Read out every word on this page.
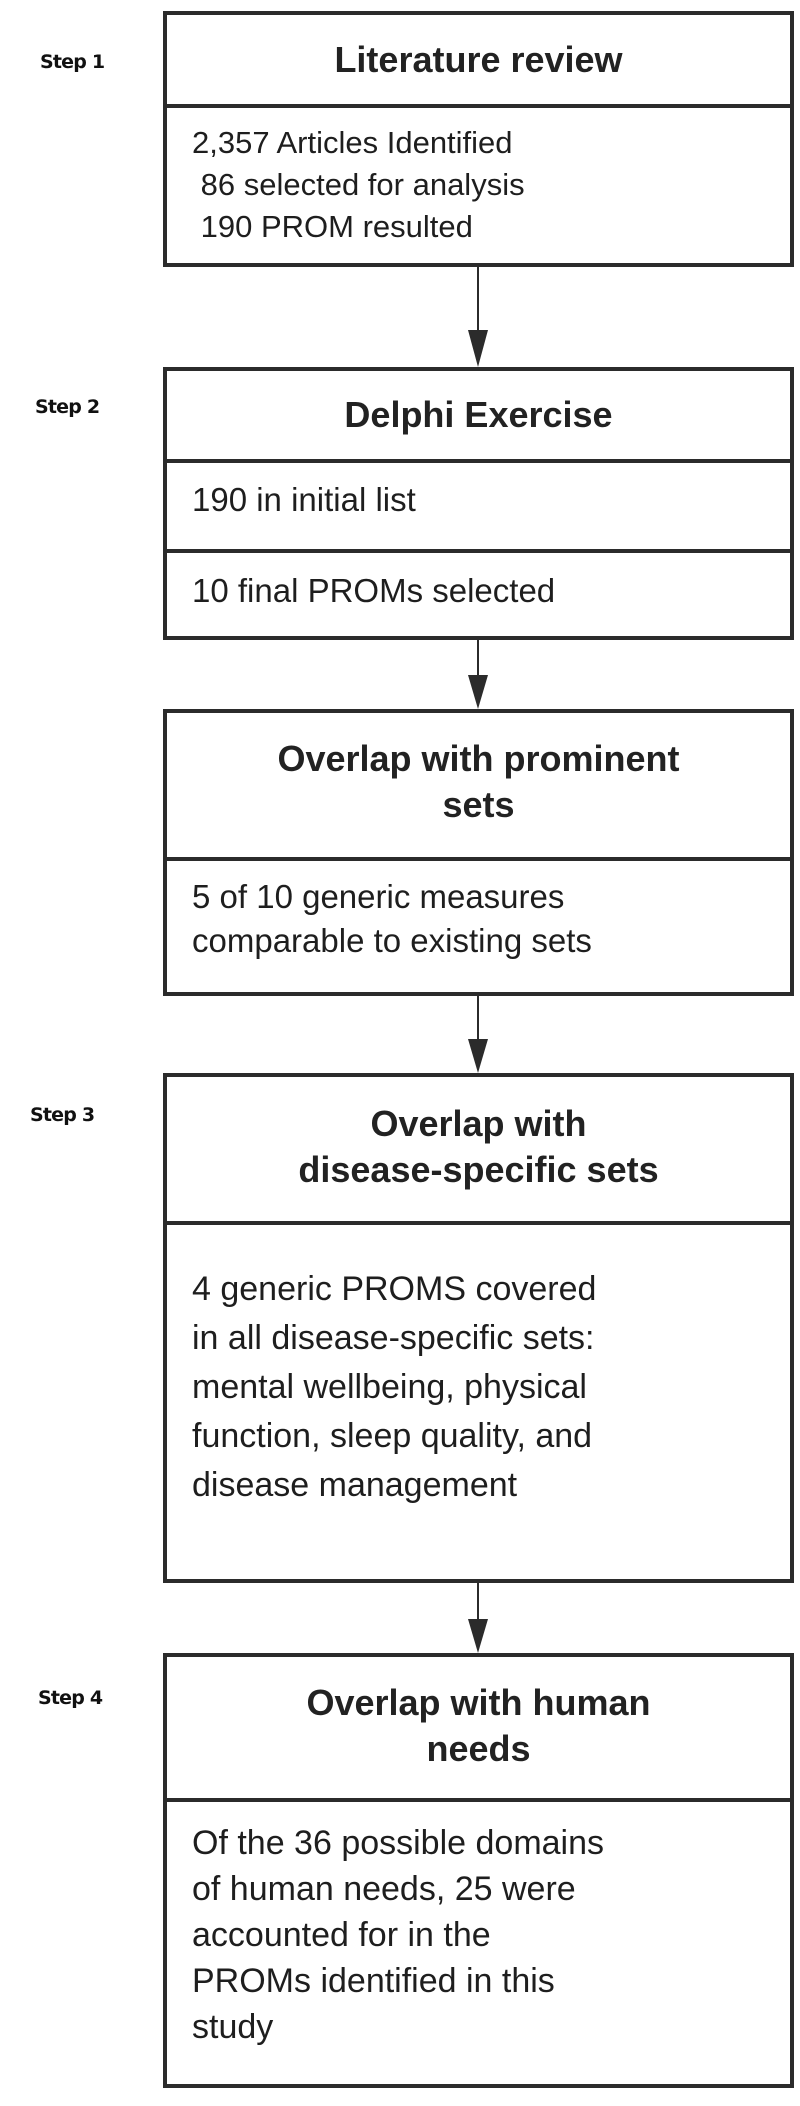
Step 1
Step 2
Step 3
Step 4
Literature review
2,357 Articles Identified
86 selected for analysis
190 PROM resulted
Delphi Exercise
190 in initial list
10 final PROMs selected
Overlap with prominent
sets
5 of 10 generic measures
comparable to existing sets
Overlap with
disease-specific sets
4 generic PROMS covered
in all disease-specific sets:
mental wellbeing, physical
function, sleep quality, and
disease management
Overlap with human
needs
Of the 36 possible domains
of human needs, 25 were
accounted for in the
PROMs identified in this
study
